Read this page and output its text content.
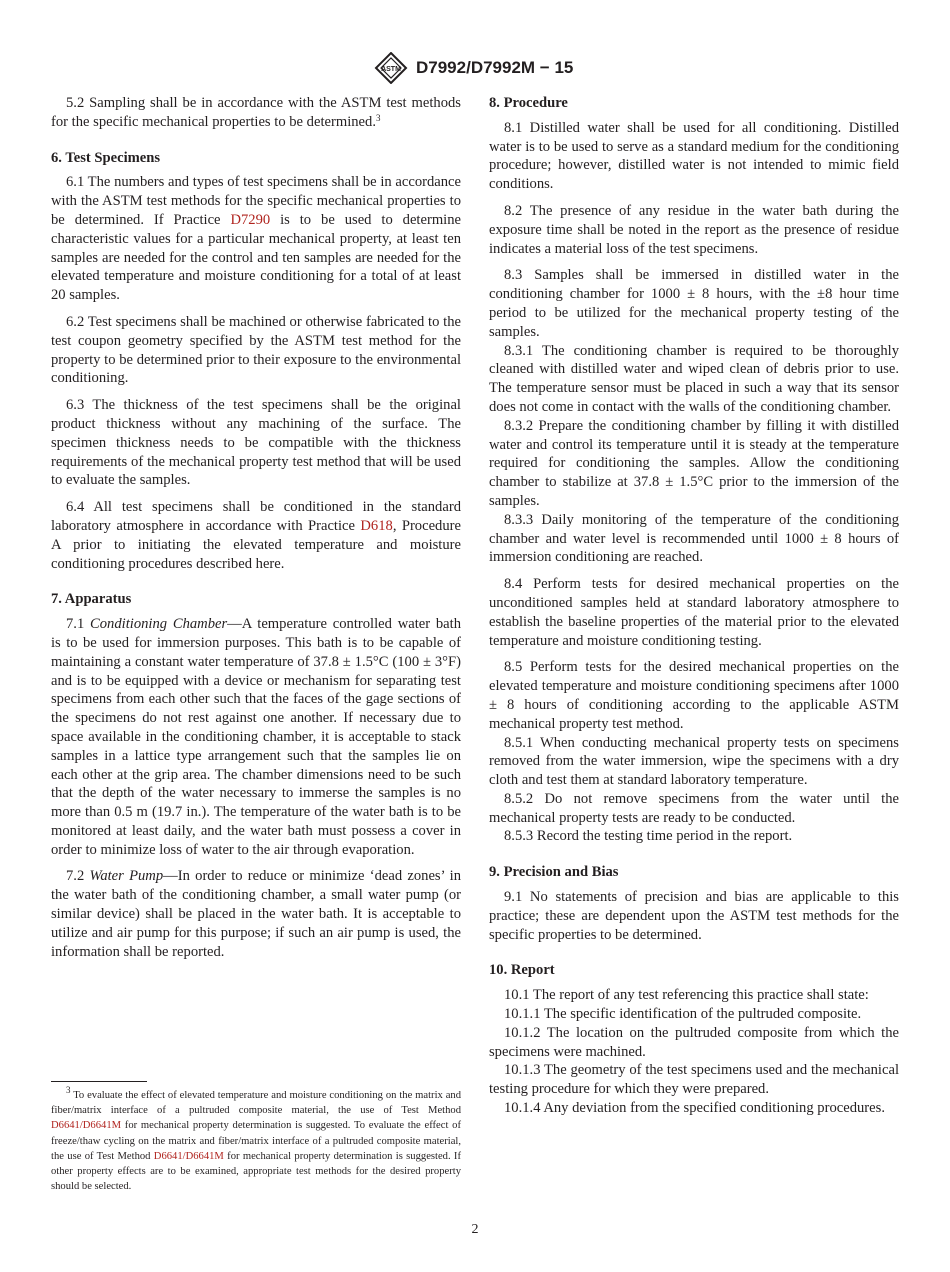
ASTM D7992/D7992M − 15

5.2 Sampling shall be in accordance with the ASTM test methods for the specific mechanical properties to be determined.$^3$

6. Test Specimens

6.1 The numbers and types of test specimens shall be in accordance with the ASTM test methods for the specific mechanical properties to be determined. If Practice D7290 is to be used to determine characteristic values for a particular mechanical property, at least ten samples are needed for the control and ten samples are needed for the elevated temperature and moisture conditioning for a total of at least 20 samples.

6.2 Test specimens shall be machined or otherwise fabricated to the test coupon geometry specified by the ASTM test method for the property to be determined prior to their exposure to the environmental conditioning.

6.3 The thickness of the test specimens shall be the original product thickness without any machining of the surface. The specimen thickness needs to be compatible with the thickness requirements of the mechanical property test method that will be used to evaluate the samples.

6.4 All test specimens shall be conditioned in the standard laboratory atmosphere in accordance with Practice D618, Procedure A prior to initiating the elevated temperature and moisture conditioning procedures described here.

7. Apparatus

7.1 Conditioning Chamber—A temperature controlled water bath is to be used for immersion purposes. This bath is to be capable of maintaining a constant water temperature of 37.8 ± 1.5°C (100 ± 3°F) and is to be equipped with a device or mechanism for separating test specimens from each other such that the faces of the gage sections of the specimens do not rest against one another. If necessary due to space available in the conditioning chamber, it is acceptable to stack samples in a lattice type arrangement such that the samples lie on each other at the grip area. The chamber dimensions need to be such that the depth of the water necessary to immerse the samples is no more than 0.5 m (19.7 in.). The temperature of the water bath is to be monitored at least daily, and the water bath must possess a cover in order to minimize loss of water to the air through evaporation.

7.2 Water Pump—In order to reduce or minimize ‘dead zones’ in the water bath of the conditioning chamber, a small water pump (or similar device) shall be placed in the water bath. It is acceptable to utilize and air pump for this purpose; if such an air pump is used, the information shall be reported.

8. Procedure

8.1 Distilled water shall be used for all conditioning. Distilled water is to be used to serve as a standard medium for the conditioning procedure; however, distilled water is not intended to mimic field conditions.

8.2 The presence of any residue in the water bath during the exposure time shall be noted in the report as the presence of residue indicates a material loss of the test specimens.

8.3 Samples shall be immersed in distilled water in the conditioning chamber for 1000 ± 8 hours, with the ±8 hour time period to be utilized for the mechanical property testing of the samples.

8.3.1 The conditioning chamber is required to be thoroughly cleaned with distilled water and wiped clean of debris prior to use. The temperature sensor must be placed in such a way that its sensor does not come in contact with the walls of the conditioning chamber.

8.3.2 Prepare the conditioning chamber by filling it with distilled water and control its temperature until it is steady at the temperature required for conditioning the samples. Allow the conditioning chamber to stabilize at 37.8 ± 1.5°C prior to the immersion of the samples.

8.3.3 Daily monitoring of the temperature of the conditioning chamber and water level is recommended until 1000 ± 8 hours of immersion conditioning are reached.

8.4 Perform tests for desired mechanical properties on the unconditioned samples held at standard laboratory atmosphere to establish the baseline properties of the material prior to the elevated temperature and moisture conditioning testing.

8.5 Perform tests for the desired mechanical properties on the elevated temperature and moisture conditioning specimens after 1000 ± 8 hours of conditioning according to the applicable ASTM mechanical property test method.

8.5.1 When conducting mechanical property tests on specimens removed from the water immersion, wipe the specimens with a dry cloth and test them at standard laboratory temperature.

8.5.2 Do not remove specimens from the water until the mechanical property tests are ready to be conducted.

8.5.3 Record the testing time period in the report.

9. Precision and Bias

9.1 No statements of precision and bias are applicable to this practice; these are dependent upon the ASTM test methods for the specific properties to be determined.

10. Report

10.1 The report of any test referencing this practice shall state:

10.1.1 The specific identification of the pultruded composite.

10.1.2 The location on the pultruded composite from which the specimens were machined.

10.1.3 The geometry of the test specimens used and the mechanical testing procedure for which they were prepared.

10.1.4 Any deviation from the specified conditioning procedures.

$^3$ To evaluate the effect of elevated temperature and moisture conditioning on the matrix and fiber/matrix interface of a pultruded composite material, the use of Test Method D6641/D6641M for mechanical property determination is suggested. To evaluate the effect of freeze/thaw cycling on the matrix and fiber/matrix interface of a pultruded composite material, the use of Test Method D6641/D6641M for mechanical property determination is suggested. If other property effects are to be examined, appropriate test methods for the desired property should be selected.
2
